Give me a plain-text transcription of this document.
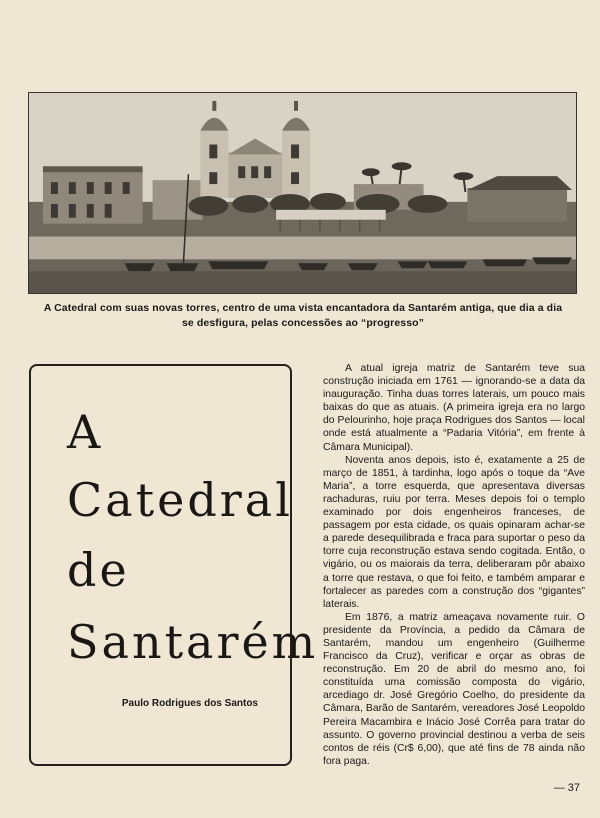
A Catedral com suas novas torres, centro de uma vista encantadora da Santarém antiga, que dia a dia
se desfigura, pelas concessões ao “progresso”
A
Catedral
de
Santarém
Paulo Rodrigues dos Santos

A atual igreja matriz de Santarém teve sua construção iniciada em 1761 — ignorando-se a data da inauguração. Tinha duas torres laterais, um pouco mais baixas do que as atuais. (A primeira igreja era no largo do Pelourinho, hoje praça Rodrigues dos Santos — local onde está atualmente a “Padaria Vitória”, em frente à Câmara Municipal).

Noventa anos depois, isto é, exatamente a 25 de março de 1851, à tardinha, logo após o toque da “Ave Maria”, a torre esquerda, que apresentava diversas rachaduras, ruiu por terra. Meses depois foi o templo examinado por dois engenheiros franceses, de passagem por esta cidade, os quais opinaram achar-se a parede desequilibrada e fraca para suportar o peso da torre cuja reconstrução estava sendo cogitada. Então, o vigário, ou os maiorais da terra, deliberaram pôr abaixo a torre que restava, o que foi feito, e também amparar e fortalecer as paredes com a construção dos “gigantes” laterais.

Em 1876, a matriz ameaçava novamente ruir. O presidente da Província, a pedido da Câmara de Santarém, mandou um engenheiro (Guilherme Francisco da Cruz), verificar e orçar as obras de reconstrução. Em 20 de abril do mesmo ano, foi constituída uma comissão composta do vigário, arcediago dr. José Gregório Coelho, do presidente da Câmara, Barão de Santarém, vereadores José Leopoldo Pereira Macambira e Inácio José Corrêa para tratar do assunto. O governo provincial destinou a verba de seis contos de réis (Cr$ 6,00), que até fins de 78 ainda não fora paga.

— 37
